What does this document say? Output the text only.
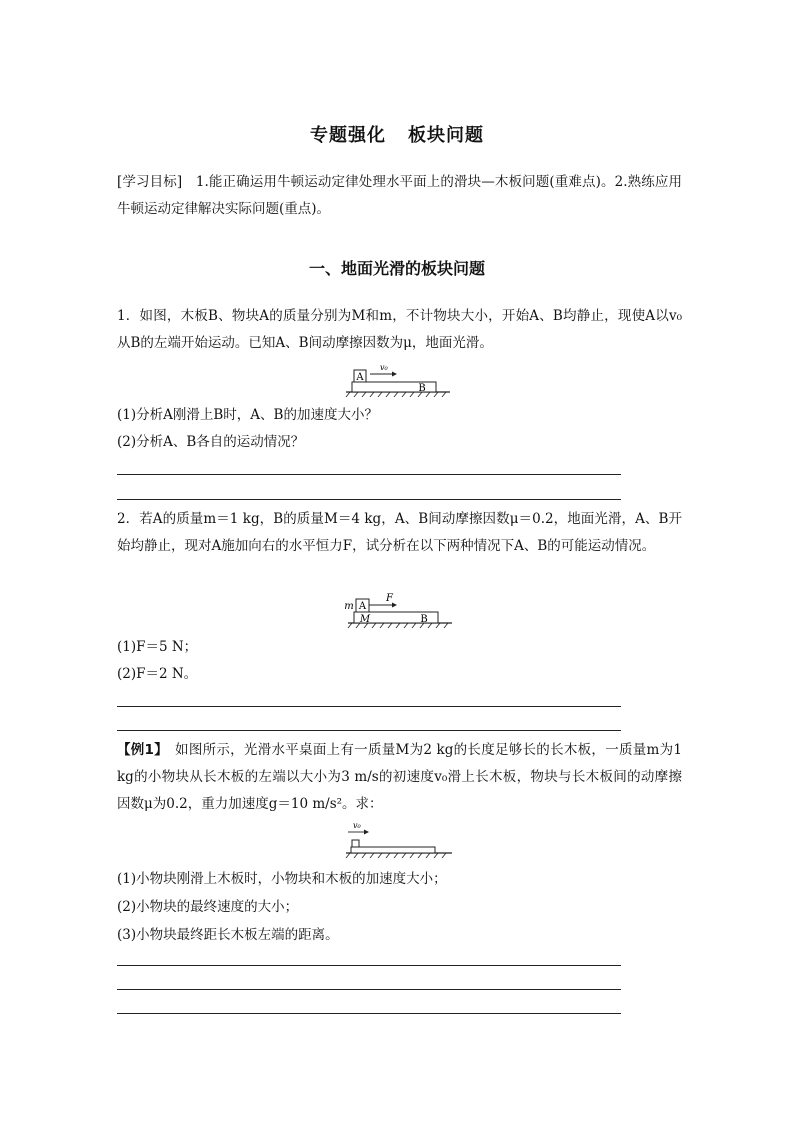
专题强化 板块问题
[学习目标]　1.能正确运用牛顿运动定律处理水平面上的滑块—木板问题(重难点)。2.熟练应用牛顿运动定律解决实际问题(重点)。
一、地面光滑的板块问题
1．如图，木板B、物块A的质量分别为M和m，不计物块大小，开始A、B均静止，现使A以v₀从B的左端开始运动。已知A、B间动摩擦因数为μ，地面光滑。
A
B
v₀
(1)分析A刚滑上B时，A、B的加速度大小？
(2)分析A、B各自的运动情况？
2．若A的质量m＝1 kg，B的质量M＝4 kg，A、B间动摩擦因数μ＝0.2，地面光滑，A、B开始均静止，现对A施加向右的水平恒力F，试分析在以下两种情况下A、B的可能运动情况。
A
m
M	B
F
(1)F＝5 N；
(2)F＝2 N。
【例1】　如图所示，光滑水平桌面上有一质量M为2 kg的长度足够长的长木板，一质量m为1 kg的小物块从长木板的左端以大小为3 m/s的初速度v₀滑上长木板，物块与长木板间的动摩擦因数μ为0.2，重力加速度g＝10 m/s²。求：
v₀
(1)小物块刚滑上木板时，小物块和木板的加速度大小；
(2)小物块的最终速度的大小；
(3)小物块最终距长木板左端的距离。
